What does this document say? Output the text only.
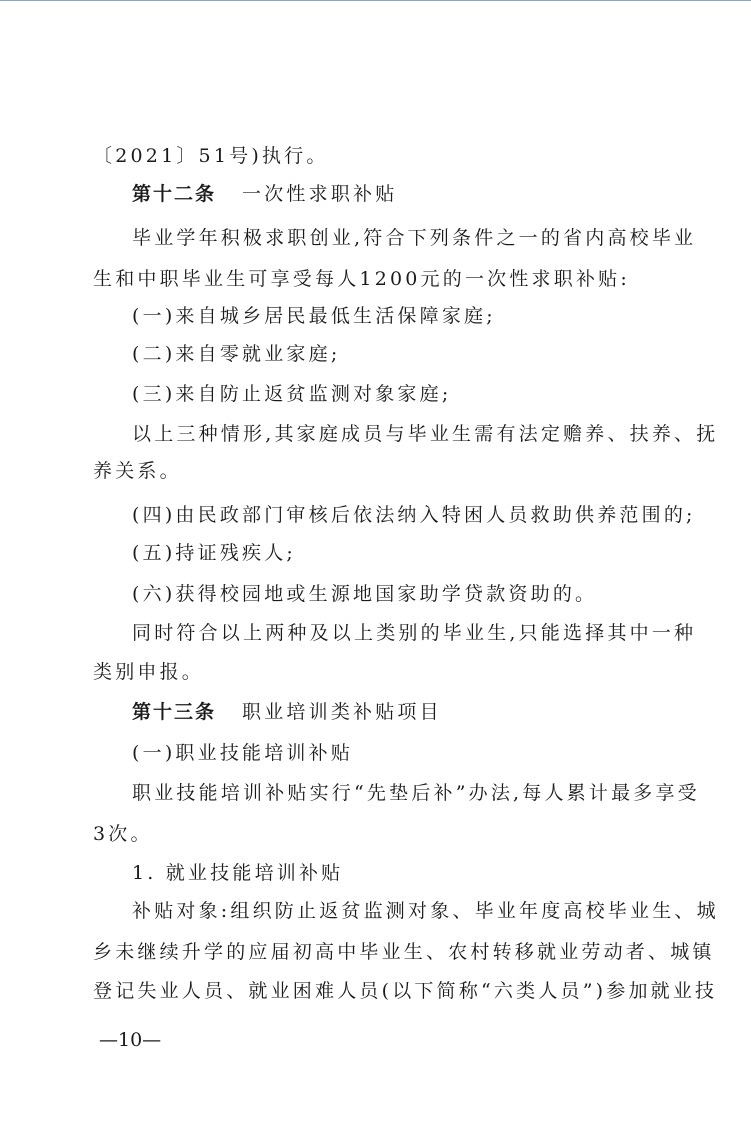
〔2021〕51号)执行。
第十二条 一次性求职补贴
毕业学年积极求职创业,符合下列条件之一的省内高校毕业
生和中职毕业生可享受每人1200元的一次性求职补贴:
(一)来自城乡居民最低生活保障家庭;
(二)来自零就业家庭;
(三)来自防止返贫监测对象家庭;
以上三种情形,其家庭成员与毕业生需有法定赡养、扶养、抚
养关系。
(四)由民政部门审核后依法纳入特困人员救助供养范围的;
(五)持证残疾人;
(六)获得校园地或生源地国家助学贷款资助的。
同时符合以上两种及以上类别的毕业生,只能选择其中一种
类别申报。
第十三条 职业培训类补贴项目
(一)职业技能培训补贴
职业技能培训补贴实行“先垫后补”办法,每人累计最多享受
3次。
1. 就业技能培训补贴
补贴对象:组织防止返贫监测对象、毕业年度高校毕业生、城
乡未继续升学的应届初高中毕业生、农村转移就业劳动者、城镇
登记失业人员、就业困难人员(以下简称“六类人员”)参加就业技
—10—
